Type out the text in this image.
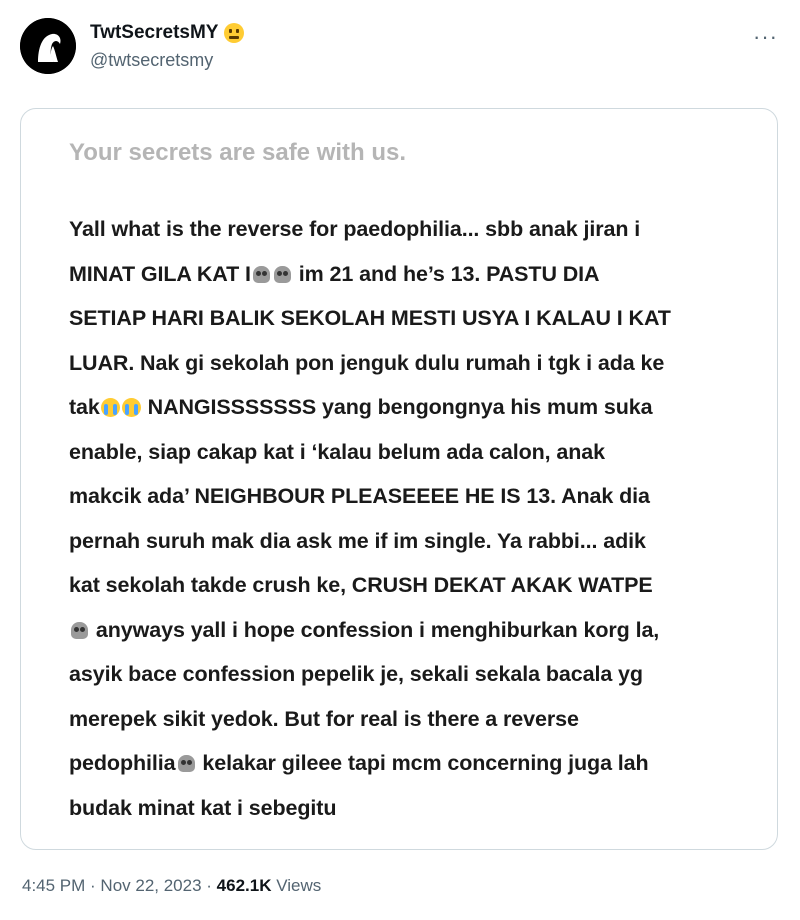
TwtSecretsMY
@twtsecretsmy
···
Your secrets are safe with us.
Yall what is the reverse for paedophilia... sbb anak jiran i
MINAT GILA KAT I im 21 and he’s 13. PASTU DIA
SETIAP HARI BALIK SEKOLAH MESTI USYA I KALAU I KAT
LUAR. Nak gi sekolah pon jenguk dulu rumah i tgk i ada ke
tak NANGISSSSSSS yang bengongnya his mum suka
enable, siap cakap kat i ‘kalau belum ada calon, anak
makcik ada’ NEIGHBOUR PLEASEEEE HE IS 13. Anak dia
pernah suruh mak dia ask me if im single. Ya rabbi... adik
kat sekolah takde crush ke, CRUSH DEKAT AKAK WATPE
anyways yall i hope confession i menghiburkan korg la,
asyik bace confession pepelik je, sekali sekala bacala yg
merepek sikit yedok. But for real is there a reverse
pedophilia kelakar gileee tapi mcm concerning juga lah
budak minat kat i sebegitu
4:45 PM · Nov 22, 2023 · 462.1K Views
